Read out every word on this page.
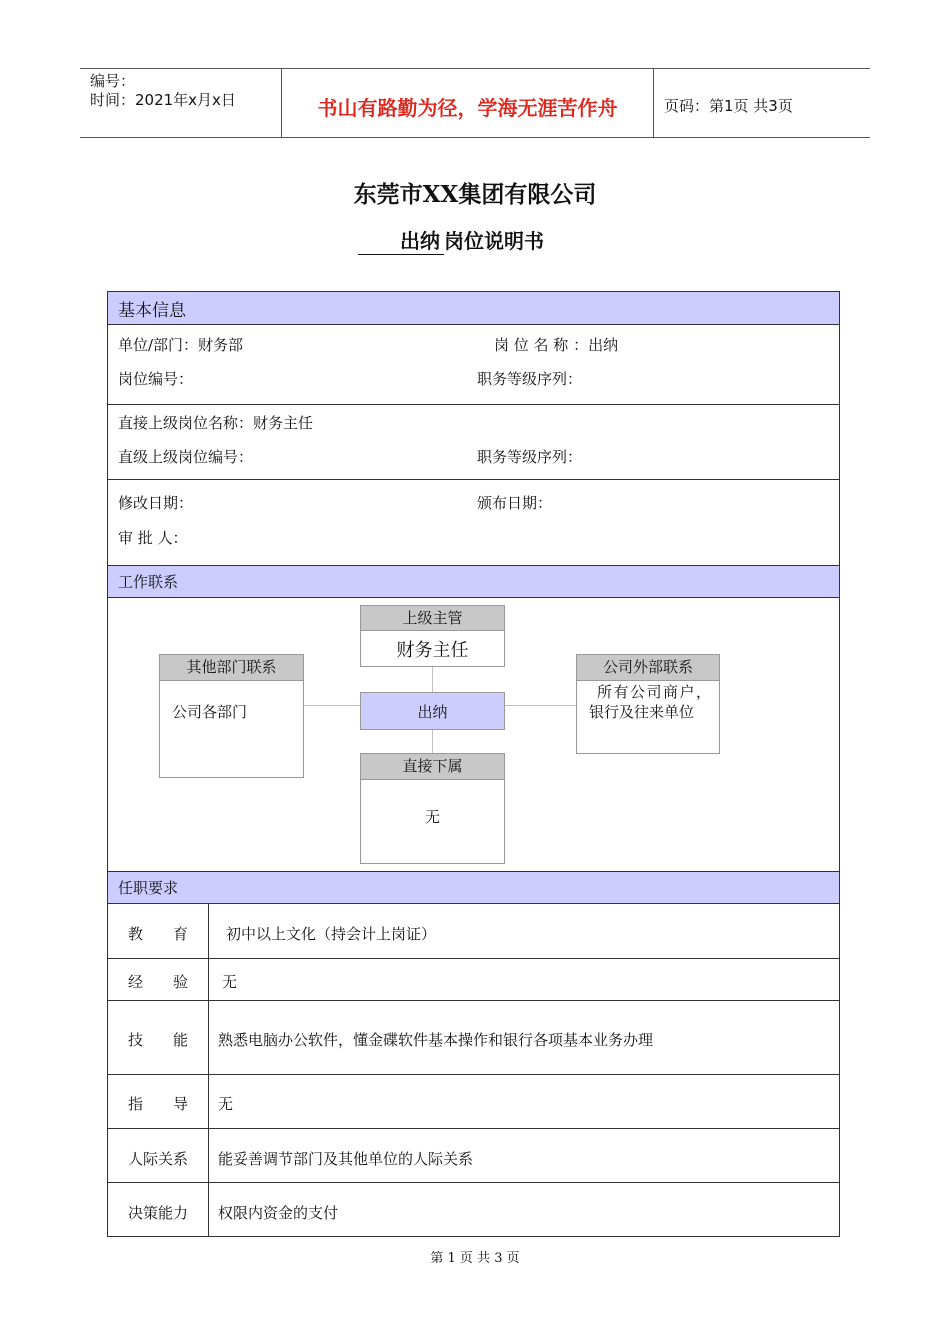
编号：
时间：2021年x月x日	书山有路勤为径，学海无涯苦作舟	页码：第1页 共3页
东莞市XX集团有限公司
出纳 岗位说明书
基本信息
单位/部门：财务部	岗 位 名 称 ：出纳
岗位编号：	职务等级序列：
直接上级岗位名称：财务主任
直级上级岗位编号：	职务等级序列：
修改日期：	颁布日期：
审 批 人：
工作联系
上级主管
财务主任
其他部门联系
公司各部门	出纳
公司外部联系
所有公司商户，
银行及往来单位
直接下属
无
任职要求
教　　育	初中以上文化（持会计上岗证）
经　　验	无
技　　能	熟悉电脑办公软件，懂金碟软件基本操作和银行各项基本业务办理
指　　导	无
人际关系	能妥善调节部门及其他单位的人际关系
决策能力	权限内资金的支付
第 1 页 共 3 页
